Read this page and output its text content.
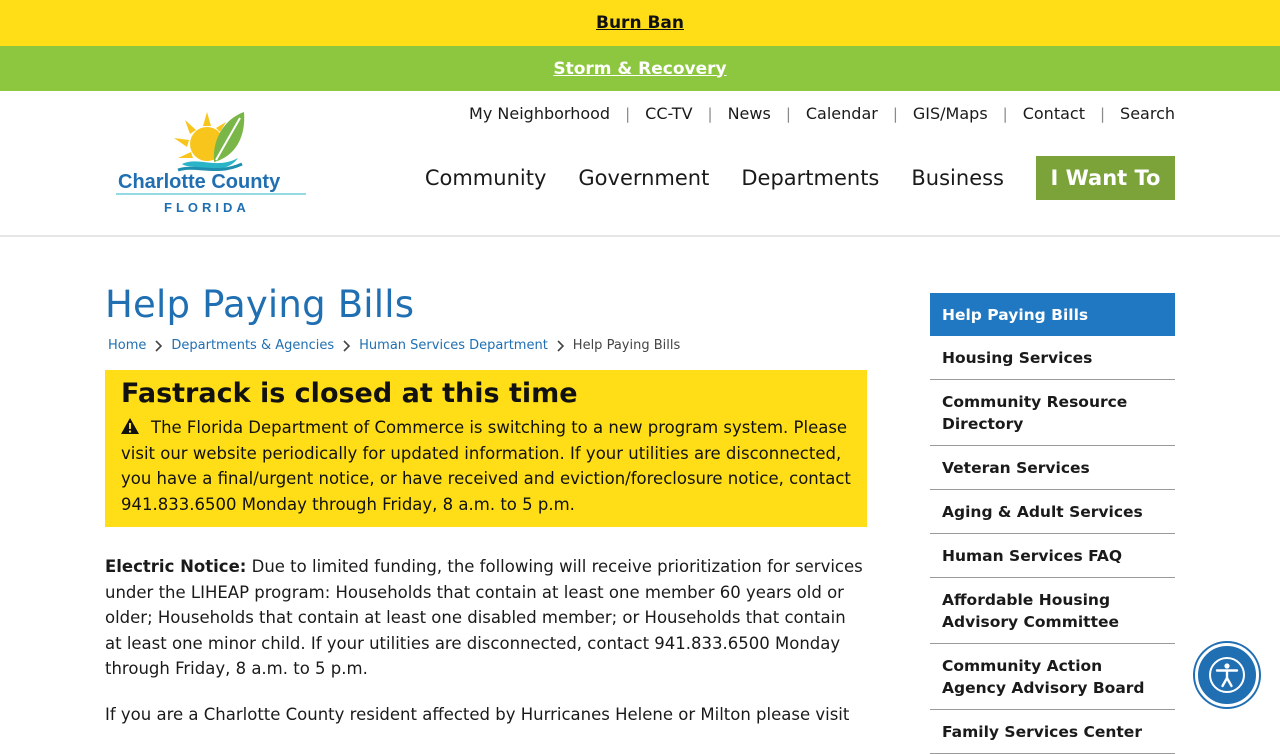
Burn Ban
Storm & Recovery
Charlotte County
FLORIDA
My Neighborhood | CC-TV | News | Calendar | GIS/Maps | Contact | Search
Community Government Departments Business	I Want To
Help Paying Bills
Home Departments & Agencies Human Services Department Help Paying Bills
Fastrack is closed at this time

The Florida Department of Commerce is switching to a new program system. Please visit our website periodically for updated information. If your utilities are disconnected, you have a final/urgent notice, or have received and eviction/foreclosure notice, contact 941.833.6500 Monday through Friday, 8 a.m. to 5 p.m.

Electric Notice: Due to limited funding, the following will receive prioritization for services under the LIHEAP program: Households that contain at least one member 60 years old or older; Households that contain at least one disabled member; or Households that contain at least one minor child. If your utilities are disconnected, contact 941.833.6500 Monday through Friday, 8 a.m. to 5 p.m.

If you are a Charlotte County resident affected by Hurricanes Helene or Milton please visit

Help Paying Bills
Housing Services
Community Resource Directory
Veteran Services
Aging & Adult Services
Human Services FAQ
Affordable Housing Advisory Committee
Community Action Agency Advisory Board
Family Services Center
